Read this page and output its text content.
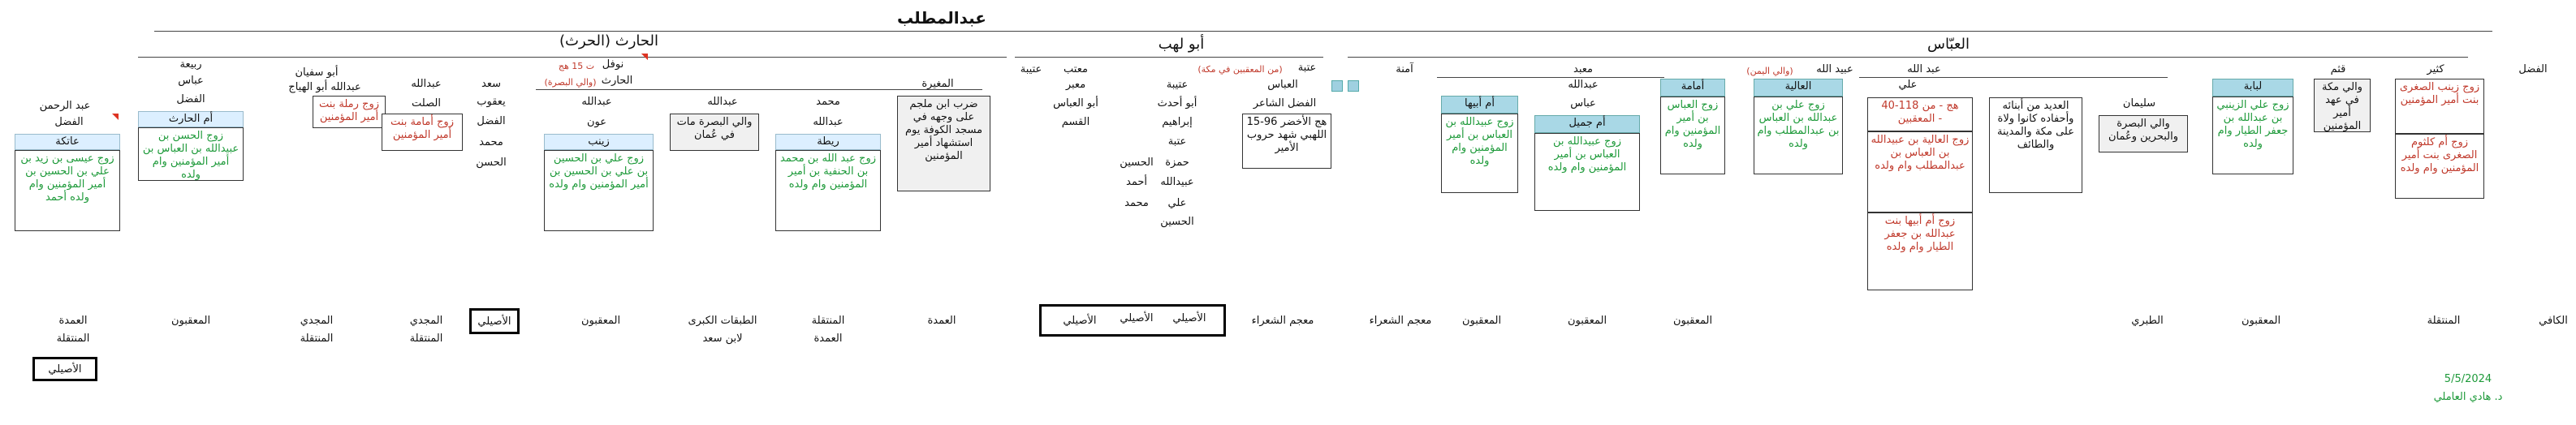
عبدالمطلب
الحارث (الحرث)	أبو لهب	العبّاس
الفضل
نوفل
ت 15 هج
الحارث
(والي البصرة)
ربيعة
عباس
الفضل
أم الحارث
زوج الحسن بن عبيدالله بن العباس بن أمير المؤمنين وام ولده
أبو سفيان
عبدالله أبو الهياج
زوج رملة بنت أمير المؤمنين
عبد الرحمن
الفضل
عاتكة
زوج عيسى بن زيد بن علي بن الحسين بن أمير المؤمنين وام ولده أحمد
عبدالله
الصلت
زوج أمامة بنت أمير المؤمنين
سعد
يعقوب
الفضل
محمد
الحسن
عبدالله
عون
زينب
زوج علي بن الحسين بن علي بن الحسين بن أمير المؤمنين وام ولده
عبدالله
والي البصرة مات في عُمان
محمد
عبدالله
ريطة
زوج عبد الله بن محمد بن الحنفية بن أمير المؤمنين وام ولده
المغيرة
ضرب ابن ملجم على وجهه في مسجد الكوفة يوم استشهاد أمير المؤمنين
عتيبة	معتب
معبر
أبو العباس
القسم
عتبة
(من المعقبين في مكة)
عتيبة
أبو أحدث
إبراهيم
عتبة
حمزة
عبيدالله
علي
الحسين
الحسين
أحمد
محمد
العباس
الفضل الشاعر
15-96 هج الأخضر اللهبي شهد حروب الأمير
آمنة	معبد
عبدالله
أم أبيها
زوج عبيدالله بن العباس بن أمير المؤمنين وام ولده
عباس
أم جميل
زوج عبيدالله بن العباس بن أمير المؤمنين وام ولده
عبيد الله
(والي اليمن)
أمامة
زوج العباس بن أمير المؤمنين وام ولده
العالية
زوج علي بن عبدالله بن العباس بن عبدالمطلب وام ولده
عبد الله
علي
40-118 هج - من المعقبين -
زوج العالية بن عبيدالله بن العباس بن عبدالمطلب وام ولده
زوج أم أبيها بنت عبدالله بن جعفر الطيار وام ولده
العديد من أبنائه وأحفاده كانوا ولاة على مكة والمدينة والطائف
سليمان
والي البصرة والبحرين وعُمان
لبابة
زوج علي الزينبي بن عبدالله بن جعفر الطيار وام ولده
قثم
والي مكة في عهد أمير المؤمنين
كثير
زوج زينب الصغرى بنت أمير المؤمنين
زوج أم كلثوم الصغرى بنت أمير المؤمنين وام ولده
العمدة
المنتقلة
المعقبون	المجدي
المنتقلة
المجدي
المنتقلة
الأصيلي	المعقبون	الطبقات الكبرى
لابن سعد
المنتقلة
العمدة
العمدة	الأصيلي	الأصيلي	الأصيلي	معجم الشعراء	معجم الشعراء	المعقبون	المعقبون	المعقبون	الطبري	المعقبون	المنتقلة	الكافي
الأصيلي
5/5/2024
د. هادي العاملي
